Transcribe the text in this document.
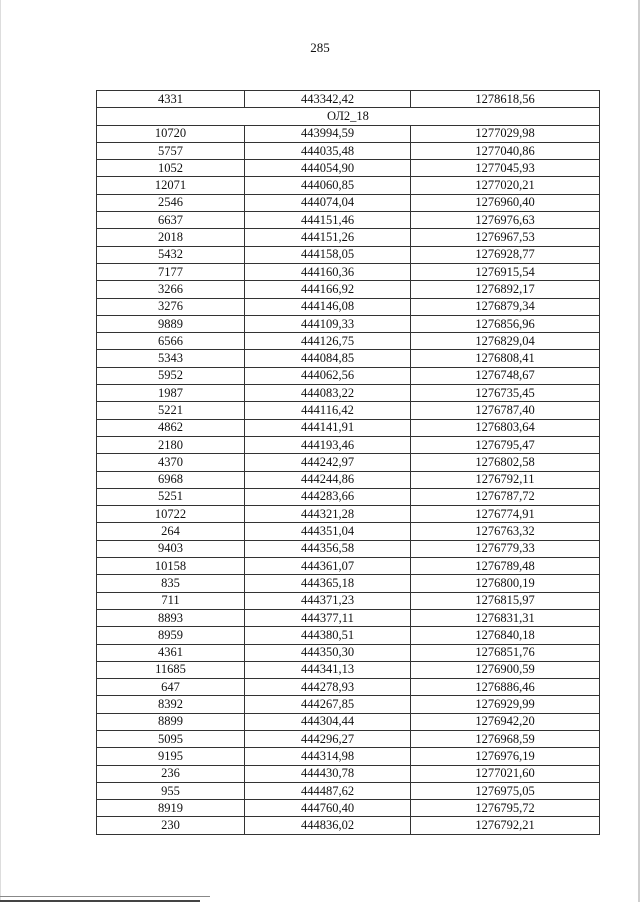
285
4331	443342,42	1278618,56
ОЛ2_18		
10720	443994,59	1277029,98
5757	444035,48	1277040,86
1052	444054,90	1277045,93
12071	444060,85	1277020,21
2546	444074,04	1276960,40
6637	444151,46	1276976,63
2018	444151,26	1276967,53
5432	444158,05	1276928,77
7177	444160,36	1276915,54
3266	444166,92	1276892,17
3276	444146,08	1276879,34
9889	444109,33	1276856,96
6566	444126,75	1276829,04
5343	444084,85	1276808,41
5952	444062,56	1276748,67
1987	444083,22	1276735,45
5221	444116,42	1276787,40
4862	444141,91	1276803,64
2180	444193,46	1276795,47
4370	444242,97	1276802,58
6968	444244,86	1276792,11
5251	444283,66	1276787,72
10722	444321,28	1276774,91
264	444351,04	1276763,32
9403	444356,58	1276779,33
10158	444361,07	1276789,48
835	444365,18	1276800,19
711	444371,23	1276815,97
8893	444377,11	1276831,31
8959	444380,51	1276840,18
4361	444350,30	1276851,76
11685	444341,13	1276900,59
647	444278,93	1276886,46
8392	444267,85	1276929,99
8899	444304,44	1276942,20
5095	444296,27	1276968,59
9195	444314,98	1276976,19
236	444430,78	1277021,60
955	444487,62	1276975,05
8919	444760,40	1276795,72
230	444836,02	1276792,21
